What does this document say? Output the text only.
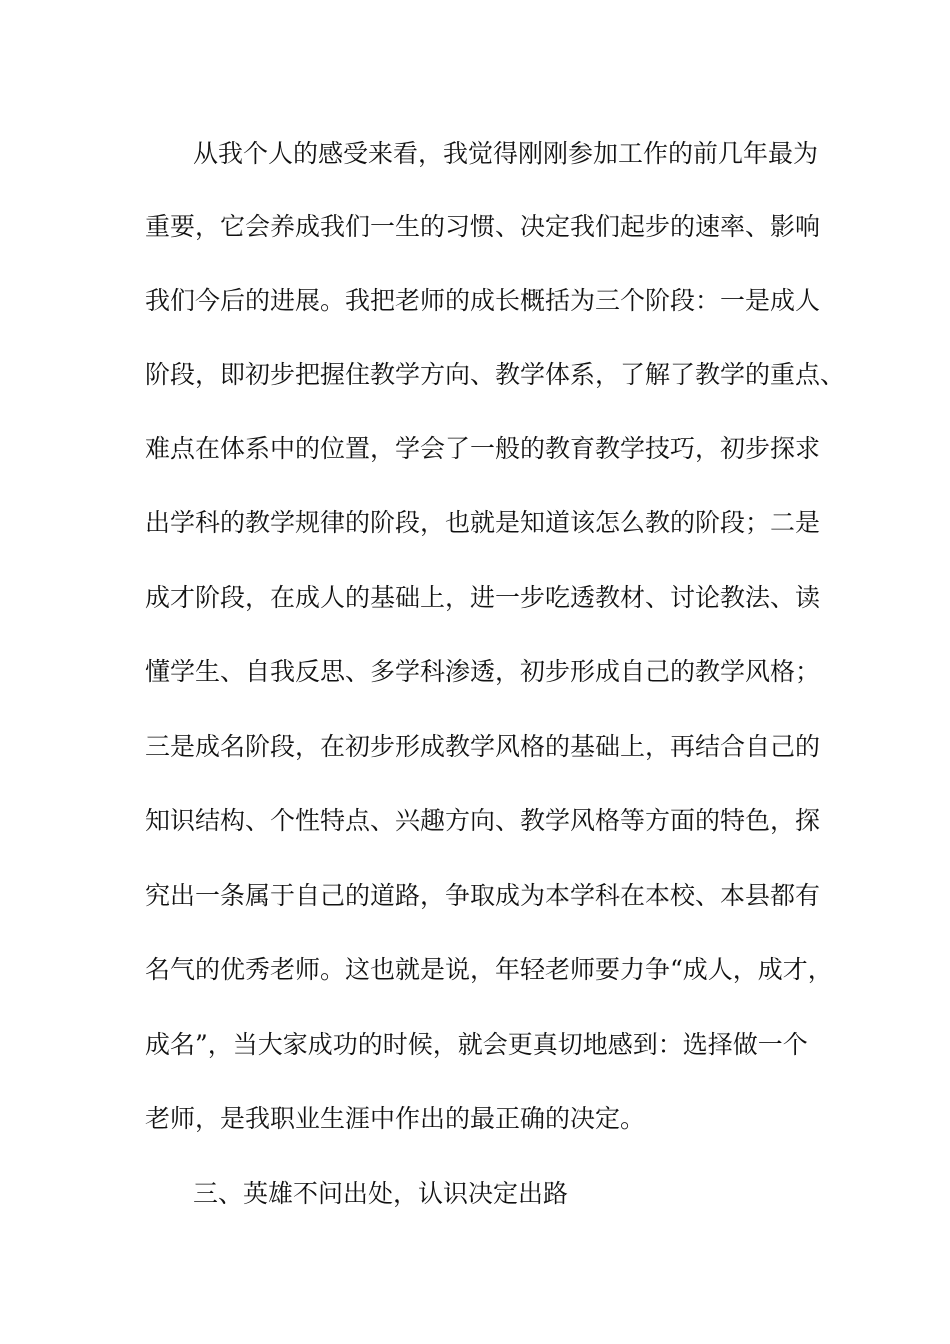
从我个人的感受来看，我觉得刚刚参加工作的前几年最为
重要，它会养成我们一生的习惯、决定我们起步的速率、影响
我们今后的进展。我把老师的成长概括为三个阶段：一是成人
阶段，即初步把握住教学方向、教学体系，了解了教学的重点、
难点在体系中的位置，学会了一般的教育教学技巧，初步探求
出学科的教学规律的阶段，也就是知道该怎么教的阶段；二是
成才阶段，在成人的基础上，进一步吃透教材、讨论教法、读
懂学生、自我反思、多学科渗透，初步形成自己的教学风格；
三是成名阶段，在初步形成教学风格的基础上，再结合自己的
知识结构、个性特点、兴趣方向、教学风格等方面的特色，探
究出一条属于自己的道路，争取成为本学科在本校、本县都有
名气的优秀老师。这也就是说，年轻老师要力争“成人，成才，
成名”，当大家成功的时候，就会更真切地感到：选择做一个
老师，是我职业生涯中作出的最正确的决定。
三、英雄不问出处，认识决定出路
